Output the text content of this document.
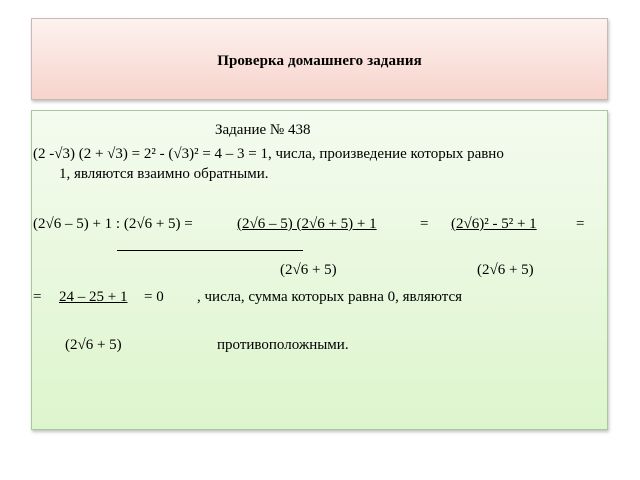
Проверка домашнего задания
Задание № 438
(2 -√3) (2 + √3) = 2² - (√3)² = 4 – 3 = 1, числа, произведение которых равно
1, являются взаимно обратными.
(2√6 – 5) + 1 : (2√6 + 5) =	(2√6 – 5) (2√6 + 5) + 1	= (2√6)² - 5² + 1	=
(2√6 + 5)	(2√6 + 5)
= 24 – 25 + 1 = 0 , числа, сумма которых равна 0, являются
(2√6 + 5)	противоположными.
